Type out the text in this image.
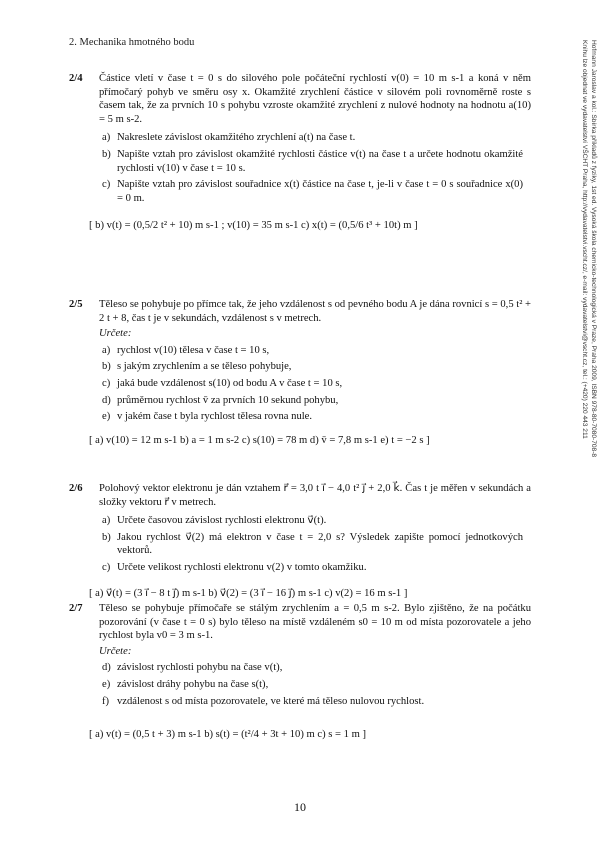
2. Mechanika hmotného bodu	Hofmann Jaroslav a kol.: Sbírka příkladů z fyziky, 1st ed. Vysoká škola chemicko-technologická v Praze, Praha 2009, ISBN 978-80-7080-708-8
Knihu lze objednat ve vydavatelství VŠCHT Praha, http://vydavatelstvi.vscht.cz/, e-mail: vydavatelstvi@vscht.cz, tel.: (+420) 220 443 211
2/4 Částice vletí v čase t = 0 s do silového pole počáteční rychlostí v(0) = 10 m s-1 a koná v něm přímočarý pohyb ve směru osy x. Okamžité zrychlení částice v silovém poli rovnoměrně roste s časem tak, že za prvních 10 s pohybu vzroste okamžité zrychlení z nulové hodnoty na hodnotu a(10) = 5 m s-2.
a) Nakreslete závislost okamžitého zrychlení a(t) na čase t.
b) Napište vztah pro závislost okamžité rychlosti částice v(t) na čase t a určete hodnotu okamžité rychlosti v(10) v čase t = 10 s.
c) Napište vztah pro závislost souřadnice x(t) částice na čase t, je-li v čase t = 0 s souřadnice x(0) = 0 m.
[ b) v(t) = (0,5/2 t² + 10) m s-1 ; v(10) = 35 m s-1 c) x(t) = (0,5/6 t³ + 10t) m ]
2/5 Těleso se pohybuje po přímce tak, že jeho vzdálenost s od pevného bodu A je dána rovnicí s = 0,5 t² + 2 t + 8, čas t je v sekundách, vzdálenost s v metrech.
Určete:
a) rychlost v(10) tělesa v čase t = 10 s,
b) s jakým zrychlením a se těleso pohybuje,
c) jaká bude vzdálenost s(10) od bodu A v čase t = 10 s,
d) průměrnou rychlost v̄ za prvních 10 sekund pohybu,
e) v jakém čase t byla rychlost tělesa rovna nule.
[ a) v(10) = 12 m s-1 b) a = 1 m s-2 c) s(10) = 78 m d) v̄ = 7,8 m s-1 e) t = −2 s ]
2/6 Polohový vektor elektronu je dán vztahem r⃗ = 3,0 t i⃗ − 4,0 t² j⃗ + 2,0 k⃗. Čas t je měřen v sekundách a složky vektoru r⃗ v metrech.
a) Určete časovou závislost rychlosti elektronu v⃗(t).
b) Jakou rychlost v⃗(2) má elektron v čase t = 2,0 s? Výsledek zapište pomocí jednotkových vektorů.
c) Určete velikost rychlosti elektronu v(2) v tomto okamžiku.
[ a) v⃗(t) = (3 i⃗ − 8 t j⃗) m s-1 b) v⃗(2) = (3 i⃗ − 16 j⃗) m s-1 c) v(2) = 16 m s-1 ]
2/7 Těleso se pohybuje přímočaře se stálým zrychlením a = 0,5 m s-2. Bylo zjištěno, že na počátku pozorování (v čase t = 0 s) bylo těleso na místě vzdáleném s0 = 10 m od místa pozorovatele a jeho rychlost byla v0 = 3 m s-1.
Určete:
d) závislost rychlosti pohybu na čase v(t),
e) závislost dráhy pohybu na čase s(t),
f) vzdálenost s od místa pozorovatele, ve které má těleso nulovou rychlost.
[ a) v(t) = (0,5 t + 3) m s-1 b) s(t) = (t²/4 + 3t + 10) m c) s = 1 m ]
10
